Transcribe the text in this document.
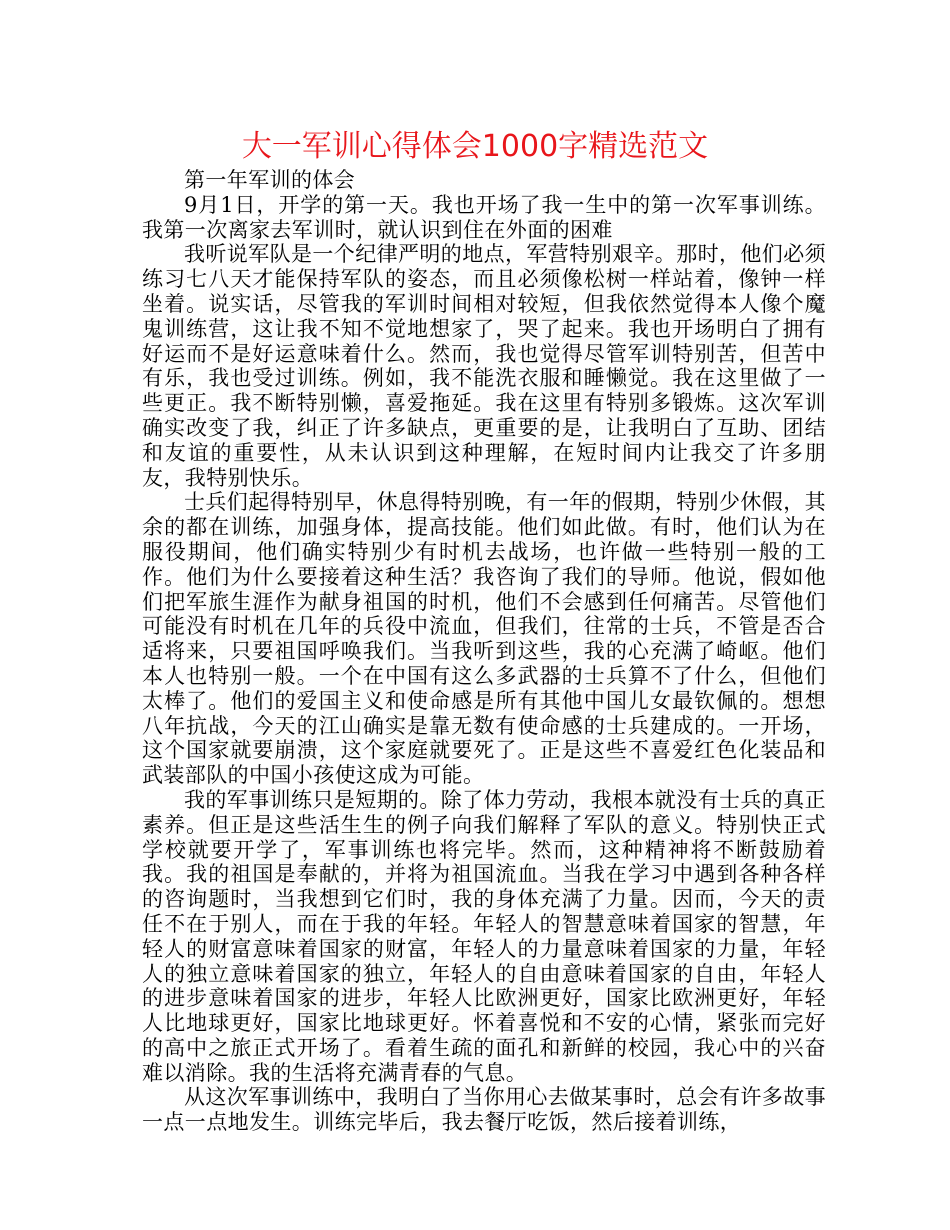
大一军训心得体会1000字精选范文

第一年军训的体会

9月1日，开学的第一天。我也开场了我一生中的第一次军事训练。我第一次离家去军训时，就认识到住在外面的困难

我听说军队是一个纪律严明的地点，军营特别艰辛。那时，他们必须练习七八天才能保持军队的姿态，而且必须像松树一样站着，像钟一样坐着。说实话，尽管我的军训时间相对较短，但我依然觉得本人像个魔鬼训练营，这让我不知不觉地想家了，哭了起来。我也开场明白了拥有好运而不是好运意味着什么。然而，我也觉得尽管军训特别苦，但苦中有乐，我也受过训练。例如，我不能洗衣服和睡懒觉。我在这里做了一些更正。我不断特别懒，喜爱拖延。我在这里有特别多锻炼。这次军训确实改变了我，纠正了许多缺点，更重要的是，让我明白了互助、团结和友谊的重要性，从未认识到这种理解，在短时间内让我交了许多朋友，我特别快乐。

士兵们起得特别早，休息得特别晚，有一年的假期，特别少休假，其余的都在训练，加强身体，提高技能。他们如此做。有时，他们认为在服役期间，他们确实特别少有时机去战场，也许做一些特别一般的工作。他们为什么要接着这种生活？我咨询了我们的导师。他说，假如他们把军旅生涯作为献身祖国的时机，他们不会感到任何痛苦。尽管他们可能没有时机在几年的兵役中流血，但我们，往常的士兵，不管是否合适将来，只要祖国呼唤我们。当我听到这些，我的心充满了崎岖。他们本人也特别一般。一个在中国有这么多武器的士兵算不了什么，但他们太棒了。他们的爱国主义和使命感是所有其他中国儿女最钦佩的。想想八年抗战，今天的江山确实是靠无数有使命感的士兵建成的。一开场，这个国家就要崩溃，这个家庭就要死了。正是这些不喜爱红色化装品和武装部队的中国小孩使这成为可能。

我的军事训练只是短期的。除了体力劳动，我根本就没有士兵的真正素养。但正是这些活生生的例子向我们解释了军队的意义。特别快正式学校就要开学了，军事训练也将完毕。然而，这种精神将不断鼓励着我。我的祖国是奉献的，并将为祖国流血。当我在学习中遇到各种各样的咨询题时，当我想到它们时，我的身体充满了力量。因而，今天的责任不在于别人，而在于我的年轻。年轻人的智慧意味着国家的智慧，年轻人的财富意味着国家的财富，年轻人的力量意味着国家的力量，年轻人的独立意味着国家的独立，年轻人的自由意味着国家的自由，年轻人的进步意味着国家的进步，年轻人比欧洲更好，国家比欧洲更好，年轻人比地球更好，国家比地球更好。怀着喜悦和不安的心情，紧张而完好的高中之旅正式开场了。看着生疏的面孔和新鲜的校园，我心中的兴奋难以消除。我的生活将充满青春的气息。

从这次军事训练中，我明白了当你用心去做某事时，总会有许多故事一点一点地发生。训练完毕后，我去餐厅吃饭，然后接着训练，
